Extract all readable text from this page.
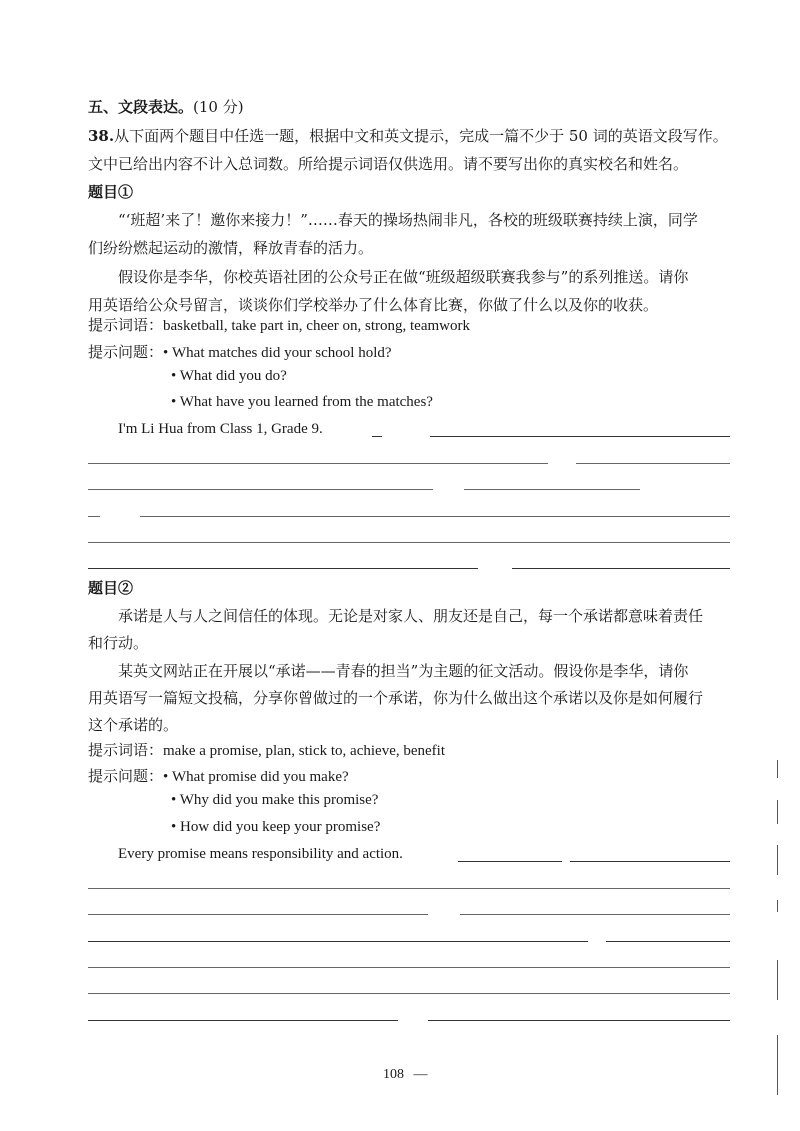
五、文段表达。(10 分)
38.从下面两个题目中任选一题，根据中文和英文提示，完成一篇不少于 50 词的英语文段写作。
文中已给出内容不计入总词数。所给提示词语仅供选用。请不要写出你的真实校名和姓名。
题目①
“‘班超’来了！邀你来接力！”……春天的操场热闹非凡，各校的班级联赛持续上演，同学
们纷纷燃起运动的激情，释放青春的活力。
假设你是李华，你校英语社团的公众号正在做“班级超级联赛我参与”的系列推送。请你
用英语给公众号留言，谈谈你们学校举办了什么体育比赛，你做了什么以及你的收获。
提示词语：basketball, take part in, cheer on, strong, teamwork
提示问题：• What matches did your school hold?
• What did you do?
• What have you learned from the matches?
I'm Li Hua from Class 1, Grade 9.
题目②
承诺是人与人之间信任的体现。无论是对家人、朋友还是自己，每一个承诺都意味着责任
和行动。
某英文网站正在开展以“承诺——青春的担当”为主题的征文活动。假设你是李华，请你
用英语写一篇短文投稿，分享你曾做过的一个承诺，你为什么做出这个承诺以及你是如何履行
这个承诺的。
提示词语：make a promise, plan, stick to, achieve, benefit
提示问题：• What promise did you make?
• Why did you make this promise?
• How did you keep your promise?
Every promise means responsibility and action.
108 —
